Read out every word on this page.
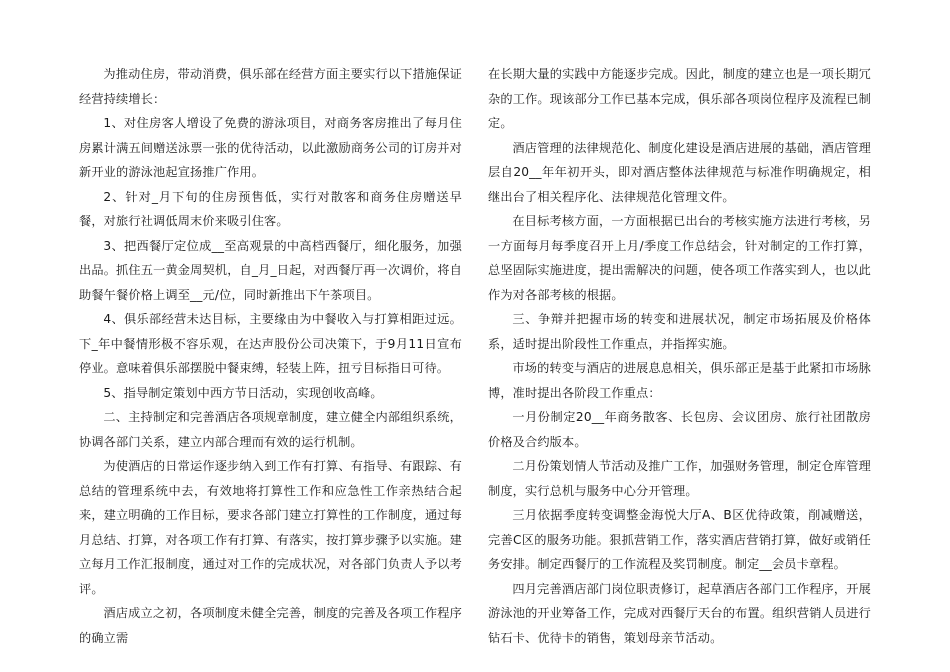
为推动住房，带动消费，俱乐部在经营方面主要实行以下措施保证经营持续增长：

1、对住房客人增设了免费的游泳项目，对商务客房推出了每月住房累计满五间赠送泳票一张的优待活动，以此激励商务公司的订房并对新开业的游泳池起宣扬推广作用。

2、针对_月下旬的住房预售低，实行对散客和商务住房赠送早餐，对旅行社调低周末价来吸引住客。

3、把西餐厅定位成__至高观景的中高档西餐厅，细化服务，加强出品。抓住五一黄金周契机，自_月_日起，对西餐厅再一次调价，将自助餐午餐价格上调至__元/位，同时新推出下午茶项目。

4、俱乐部经营未达目标，主要缘由为中餐收入与打算相距过远。下_年中餐情形极不容乐观，在达声股份公司决策下，于9月11日宣布停业。意味着俱乐部摆脱中餐束缚，轻装上阵，扭亏目标指日可待。

5、指导制定策划中西方节日活动，实现创收高峰。

二、主持制定和完善酒店各项规章制度，建立健全内部组织系统，协调各部门关系，建立内部合理而有效的运行机制。

为使酒店的日常运作逐步纳入到工作有打算、有指导、有跟踪、有总结的管理系统中去，有效地将打算性工作和应急性工作亲热结合起来，建立明确的工作目标，要求各部门建立打算性的工作制度，通过每月总结、打算，对各项工作有打算、有落实，按打算步骤予以实施。建立每月工作汇报制度，通过对工作的完成状况，对各部门负责人予以考评。

酒店成立之初，各项制度未健全完善，制度的完善及各项工作程序的确立需

在长期大量的实践中方能逐步完成。因此，制度的建立也是一项长期冗杂的工作。现该部分工作已基本完成，俱乐部各项岗位程序及流程已制定。

酒店管理的法律规范化、制度化建设是酒店进展的基础，酒店管理层自20__年年初开头，即对酒店整体法律规范与标准作明确规定，相继出台了相关程序化、法律规范化管理文件。

在目标考核方面，一方面根据已出台的考核实施方法进行考核，另一方面每月每季度召开上月/季度工作总结会，针对制定的工作打算，总坚固际实施进度，提出需解决的问题，使各项工作落实到人，也以此作为对各部考核的根据。

三、争辩并把握市场的转变和进展状况，制定市场拓展及价格体系，适时提出阶段性工作重点，并指挥实施。

市场的转变与酒店的进展息息相关，俱乐部正是基于此紧扣市场脉博，准时提出各阶段工作重点：

一月份制定20__年商务散客、长包房、会议团房、旅行社团散房价格及合约版本。

二月份策划情人节活动及推广工作，加强财务管理，制定仓库管理制度，实行总机与服务中心分开管理。

三月依据季度转变调整金海悦大厅A、B区优待政策，削减赠送，完善C区的服务功能。狠抓营销工作，落实酒店营销打算，做好或销任务安排。制定西餐厅的工作流程及奖罚制度。制定__会员卡章程。

四月完善酒店部门岗位职责修订，起草酒店各部门工作程序，开展游泳池的开业筹备工作，完成对西餐厅天台的布置。组织营销人员进行钻石卡、优待卡的销售，策划母亲节活动。
